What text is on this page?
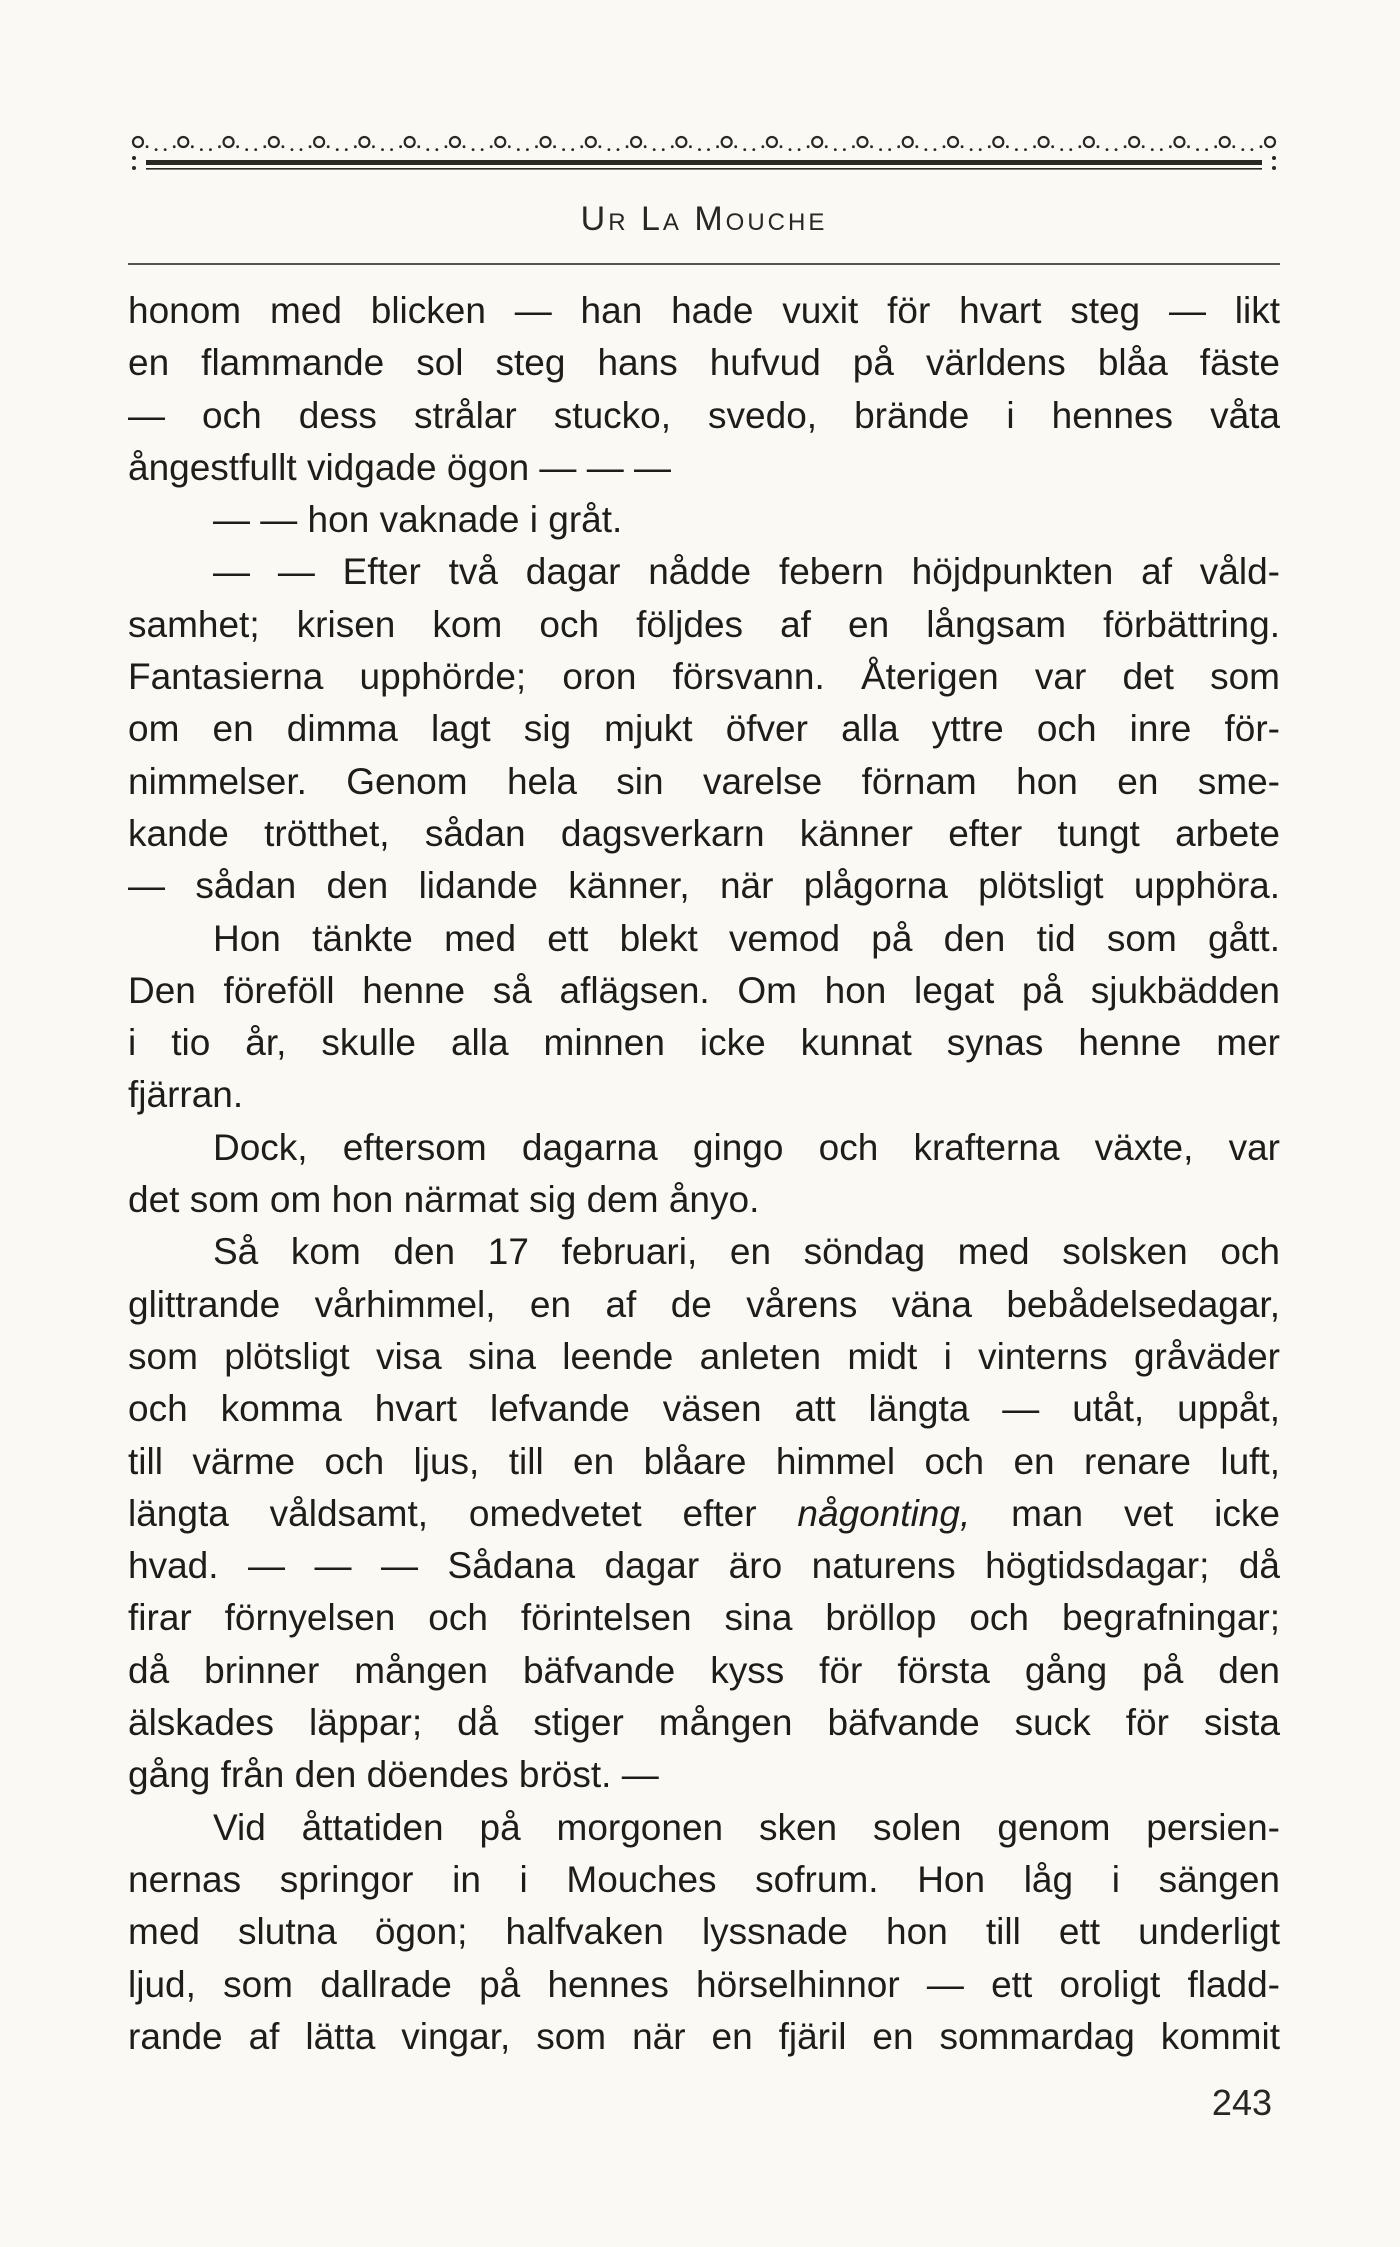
Ur La Mouche
honom med blicken — han hade vuxit för hvart steg — likt
en flammande sol steg hans hufvud på världens blåa fäste
— och dess strålar stucko, svedo, brände i hennes våta
ångestfullt vidgade ögon — — —
— — hon vaknade i gråt.
— — Efter två dagar nådde febern höjdpunkten af våld-
samhet; krisen kom och följdes af en långsam förbättring.
Fantasierna upphörde; oron försvann. Återigen var det som
om en dimma lagt sig mjukt öfver alla yttre och inre för-
nimmelser. Genom hela sin varelse förnam hon en sme-
kande trötthet, sådan dagsverkarn känner efter tungt arbete
— sådan den lidande känner, när plågorna plötsligt upphöra.
Hon tänkte med ett blekt vemod på den tid som gått.
Den föreföll henne så aflägsen. Om hon legat på sjukbädden
i tio år, skulle alla minnen icke kunnat synas henne mer
fjärran.
Dock, eftersom dagarna gingo och krafterna växte, var
det som om hon närmat sig dem ånyo.
Så kom den 17 februari, en söndag med solsken och
glittrande vårhimmel, en af de vårens väna bebådelsedagar,
som plötsligt visa sina leende anleten midt i vinterns gråväder
och komma hvart lefvande väsen att längta — utåt, uppåt,
till värme och ljus, till en blåare himmel och en renare luft,
längta våldsamt, omedvetet efter någonting, man vet icke
hvad. — — — Sådana dagar äro naturens högtidsdagar; då
firar förnyelsen och förintelsen sina bröllop och begrafningar;
då brinner mången bäfvande kyss för första gång på den
älskades läppar; då stiger mången bäfvande suck för sista
gång från den döendes bröst. —
Vid åttatiden på morgonen sken solen genom persien-
nernas springor in i Mouches sofrum. Hon låg i sängen
med slutna ögon; halfvaken lyssnade hon till ett underligt
ljud, som dallrade på hennes hörselhinnor — ett oroligt fladd-
rande af lätta vingar, som när en fjäril en sommardag kommit
243
